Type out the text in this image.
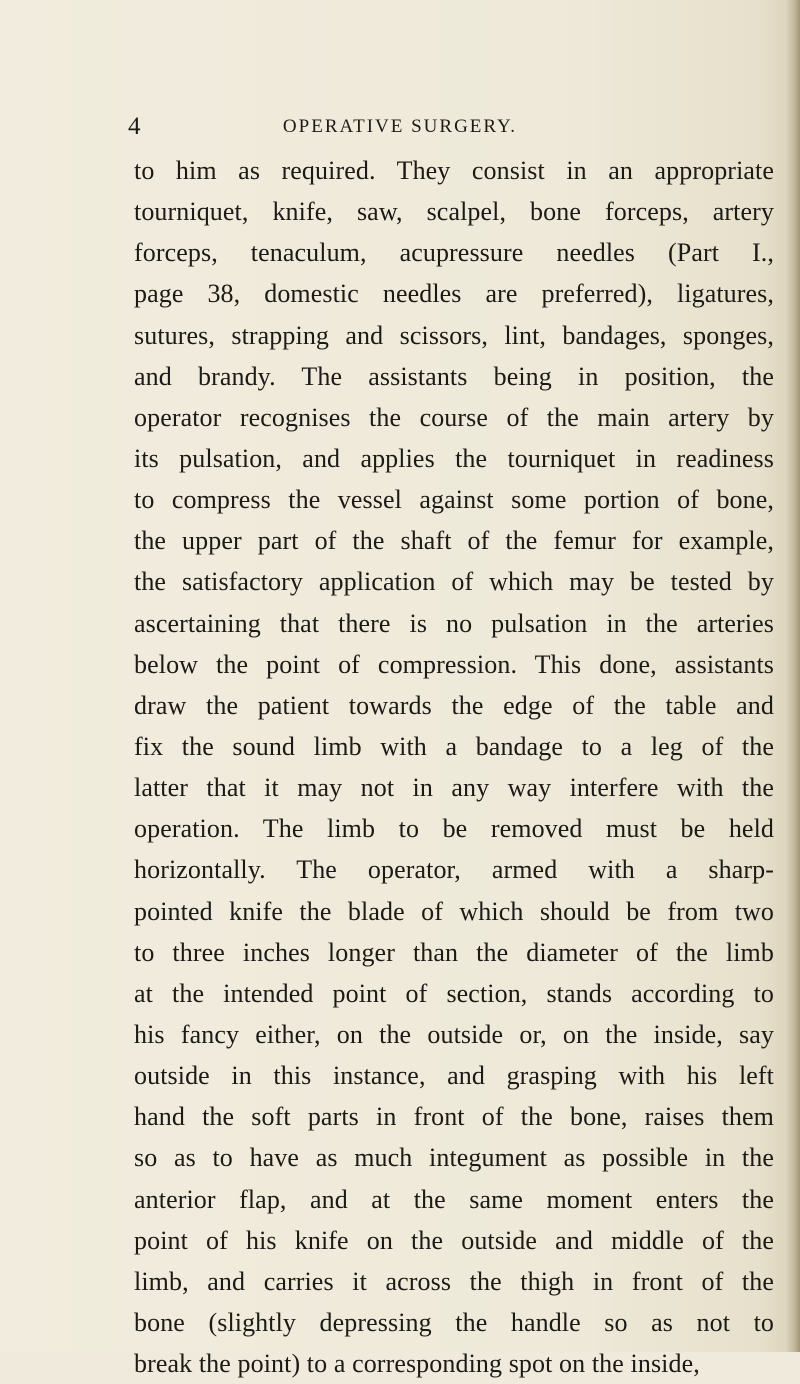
4	OPERATIVE SURGERY.
to him as required. They consist in an appropriate
tourniquet, knife, saw, scalpel, bone forceps, artery
forceps, tenaculum, acupressure needles (Part I.,
page 38, domestic needles are preferred), ligatures,
sutures, strapping and scissors, lint, bandages, sponges,
and brandy. The assistants being in position, the
operator recognises the course of the main artery by
its pulsation, and applies the tourniquet in readiness
to compress the vessel against some portion of bone,
the upper part of the shaft of the femur for example,
the satisfactory application of which may be tested by
ascertaining that there is no pulsation in the arteries
below the point of compression. This done, assistants
draw the patient towards the edge of the table and
fix the sound limb with a bandage to a leg of the
latter that it may not in any way interfere with the
operation. The limb to be removed must be held
horizontally. The operator, armed with a sharp-
pointed knife the blade of which should be from two
to three inches longer than the diameter of the limb
at the intended point of section, stands according to
his fancy either, on the outside or, on the inside, say
outside in this instance, and grasping with his left
hand the soft parts in front of the bone, raises them
so as to have as much integument as possible in the
anterior flap, and at the same moment enters the
point of his knife on the outside and middle of the
limb, and carries it across the thigh in front of the
bone (slightly depressing the handle so as not to
break the point) to a corresponding spot on the inside,
